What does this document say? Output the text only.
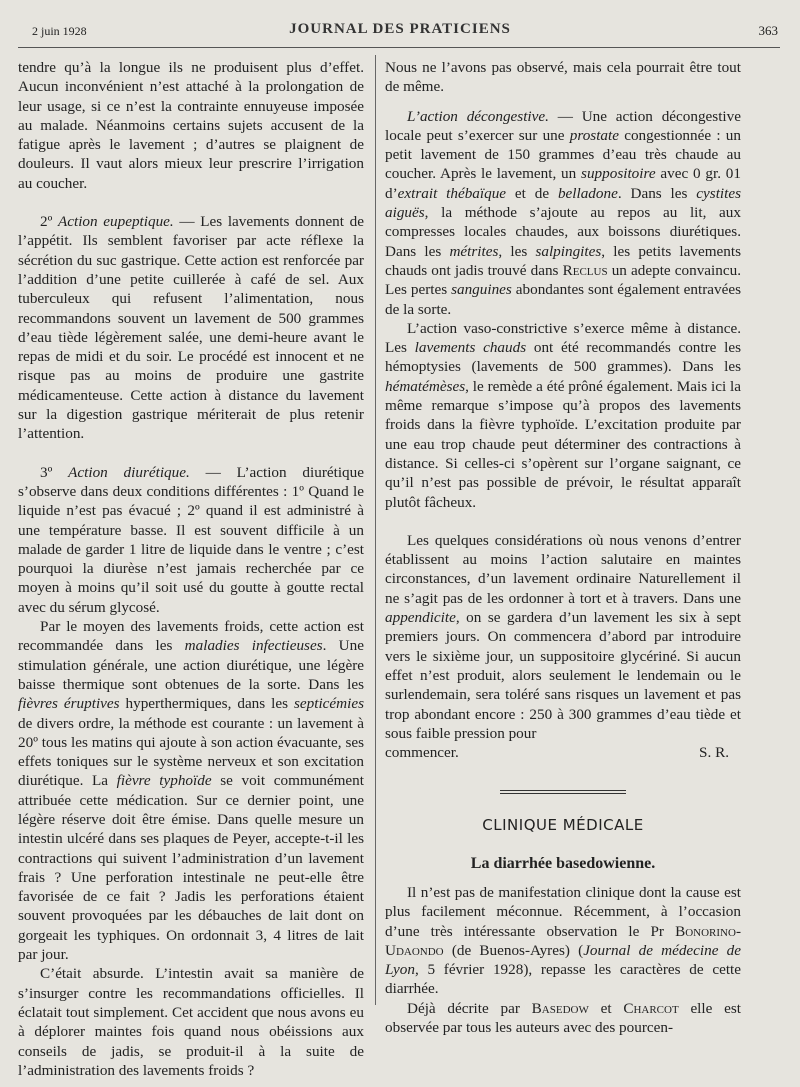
2 juin 1928	JOURNAL DES PRATICIENS	363

tendre qu’à la longue ils ne produisent plus d’effet. Aucun inconvénient n’est attaché à la prolongation de leur usage, si ce n’est la contrainte ennuyeuse imposée au malade. Néanmoins certains sujets accusent de la fatigue après le lavement ; d’autres se plaignent de douleurs. Il vaut alors mieux leur prescrire l’irrigation au coucher.

2º Action eupeptique. — Les lavements donnent de l’appétit. Ils semblent favoriser par acte réflexe la sécrétion du suc gastrique. Cette action est renforcée par l’addition d’une petite cuillerée à café de sel. Aux tuberculeux qui refusent l’alimentation, nous recommandons souvent un lavement de 500 grammes d’eau tiède légèrement salée, une demi-heure avant le repas de midi et du soir. Le procédé est innocent et ne risque pas au moins de produire une gastrite médicamenteuse. Cette action à distance du lavement sur la digestion gastrique mériterait de plus retenir l’attention.

3º Action diurétique. — L’action diurétique s’observe dans deux conditions différentes : 1º Quand le liquide n’est pas évacué ; 2º quand il est administré à une température basse. Il est souvent difficile à un malade de garder 1 litre de liquide dans le ventre ; c’est pourquoi la diurèse n’est jamais recherchée par ce moyen à moins qu’il soit usé du goutte à goutte rectal avec du sérum glycosé.

Par le moyen des lavements froids, cette action est recommandée dans les maladies infectieuses. Une stimulation générale, une action diurétique, une légère baisse thermique sont obtenues de la sorte. Dans les fièvres éruptives hyperthermiques, dans les septicémies de divers ordre, la méthode est courante : un lavement à 20º tous les matins qui ajoute à son action évacuante, ses effets toniques sur le système nerveux et son excitation diurétique. La fièvre typhoïde se voit communément attribuée cette médication. Sur ce dernier point, une légère réserve doit être émise. Dans quelle mesure un intestin ulcéré dans ses plaques de Peyer, accepte-t-il les contractions qui suivent l’administration d’un lavement frais ? Une perforation intestinale ne peut-elle être favorisée de ce fait ? Jadis les perforations étaient souvent provoquées par les débauches de lait dont on gorgeait les typhiques. On ordonnait 3, 4 litres de lait par jour.

C’était absurde. L’intestin avait sa manière de s’insurger contre les recommandations officielles. Il éclatait tout simplement. Cet accident que nous avons eu à déplorer maintes fois quand nous obéissions aux conseils de jadis, se produit-il à la suite de l’administration des lavements froids ?

Nous ne l’avons pas observé, mais cela pourrait être tout de même.

L’action décongestive. — Une action décongestive locale peut s’exercer sur une prostate congestionnée : un petit lavement de 150 grammes d’eau très chaude au coucher. Après le lavement, un suppositoire avec 0 gr. 01 d’extrait thébaïque et de belladone. Dans les cystites aiguës, la méthode s’ajoute au repos au lit, aux compresses locales chaudes, aux boissons diurétiques. Dans les métrites, les salpingites, les petits lavements chauds ont jadis trouvé dans Reclus un adepte convaincu. Les pertes sanguines abondantes sont également entravées de la sorte.

L’action vaso-constrictive s’exerce même à distance. Les lavements chauds ont été recommandés contre les hémoptysies (lavements de 500 grammes). Dans les hématémèses, le remède a été prôné également. Mais ici la même remarque s’impose qu’à propos des lavements froids dans la fièvre typhoïde. L’excitation produite par une eau trop chaude peut déterminer des contractions à distance. Si celles-ci s’opèrent sur l’organe saignant, ce qu’il n’est pas possible de prévoir, le résultat apparaît plutôt fâcheux.

Les quelques considérations où nous venons d’entrer établissent au moins l’action salutaire en maintes circonstances, d’un lavement ordinaire Naturellement il ne s’agit pas de les ordonner à tort et à travers. Dans une appendicite, on se gardera d’un lavement les six à sept premiers jours. On commencera d’abord par introduire vers le sixième jour, un suppositoire glycériné. Si aucun effet n’est produit, alors seulement le lendemain ou le surlendemain, sera toléré sans risques un lavement et pas trop abondant encore : 250 à 300 grammes d’eau tiède et sous faible pression pour

commencer.	S. R.
CLINIQUE MÉDICALE
La diarrhée basedowienne.

Il n’est pas de manifestation clinique dont la cause est plus facilement méconnue. Récemment, à l’occasion d’une très intéressante observation le Pr Bonorino-Udaondo (de Buenos-Ayres) (Journal de médecine de Lyon, 5 février 1928), repasse les caractères de cette diarrhée.

Déjà décrite par Basedow et Charcot elle est observée par tous les auteurs avec des pourcen-
